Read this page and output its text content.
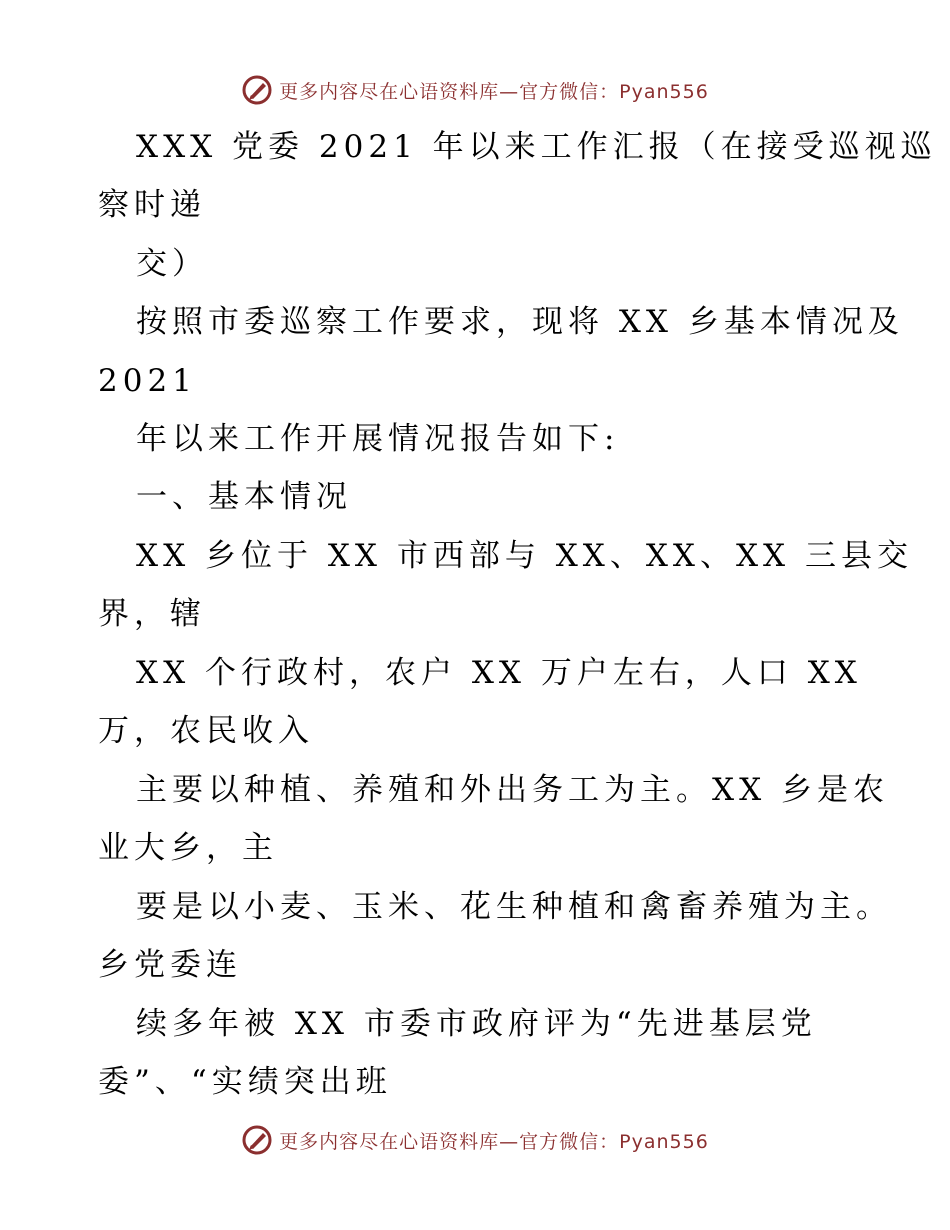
更多内容尽在心语资料库—官方微信：Pyan556
XXX 党委 2021 年以来工作汇报（在接受巡视巡
察时递
交）
按照市委巡察工作要求，现将 XX 乡基本情况及
2021
年以来工作开展情况报告如下:
一、基本情况
XX 乡位于 XX 市西部与 XX、XX、XX 三县交
界，辖
XX 个行政村，农户 XX 万户左右，人口 XX
万，农民收入
主要以种植、养殖和外出务工为主。XX 乡是农
业大乡，主
要是以小麦、玉米、花生种植和禽畜养殖为主。
乡党委连
续多年被 XX 市委市政府评为“先进基层党
委”、“实绩突出班
更多内容尽在心语资料库—官方微信：Pyan556
